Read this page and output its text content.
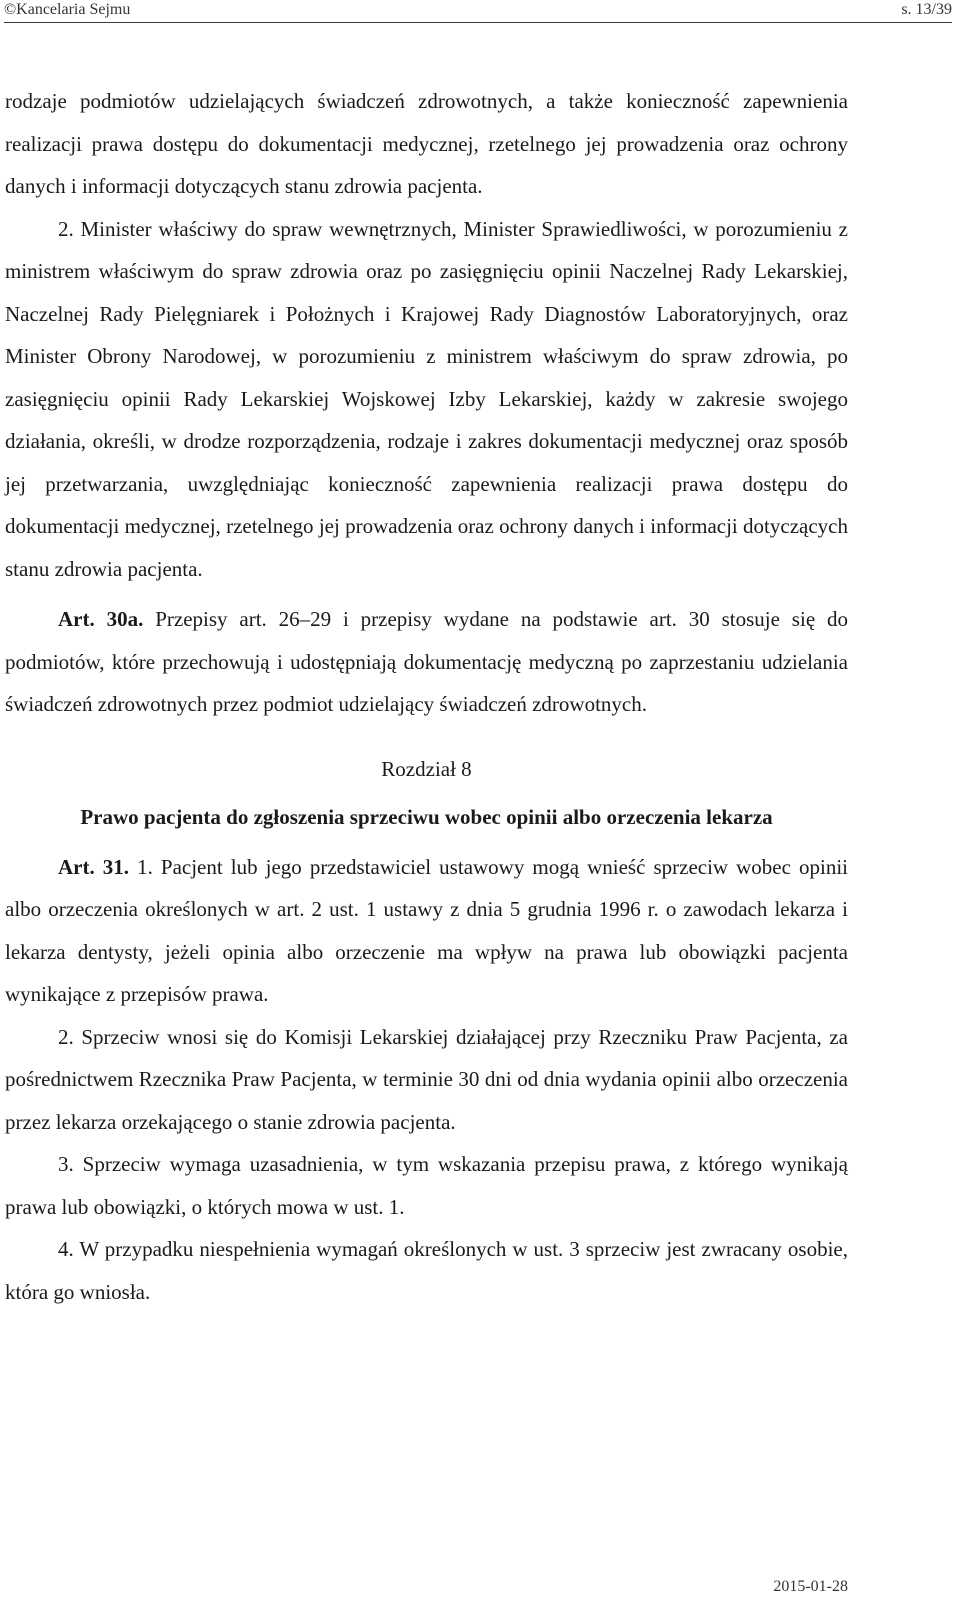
©Kancelaria Sejmu	s. 13/39

rodzaje podmiotów udzielających świadczeń zdrowotnych, a także konieczność zapewnienia realizacji prawa dostępu do dokumentacji medycznej, rzetelnego jej prowadzenia oraz ochrony danych i informacji dotyczących stanu zdrowia pacjenta.

2. Minister właściwy do spraw wewnętrznych, Minister Sprawiedliwości, w porozumieniu z ministrem właściwym do spraw zdrowia oraz po zasięgnięciu opinii Naczelnej Rady Lekarskiej, Naczelnej Rady Pielęgniarek i Położnych i Krajowej Rady Diagnostów Laboratoryjnych, oraz Minister Obrony Narodowej, w porozumieniu z ministrem właściwym do spraw zdrowia, po zasięgnięciu opinii Rady Lekarskiej Wojskowej Izby Lekarskiej, każdy w zakresie swojego działania, określi, w drodze rozporządzenia, rodzaje i zakres dokumentacji medycznej oraz sposób jej przetwarzania, uwzględniając konieczność zapewnienia realizacji prawa dostępu do dokumentacji medycznej, rzetelnego jej prowadzenia oraz ochrony danych i informacji dotyczących stanu zdrowia pacjenta.

Art. 30a. Przepisy art. 26–29 i przepisy wydane na podstawie art. 30 stosuje się do podmiotów, które przechowują i udostępniają dokumentację medyczną po zaprzestaniu udzielania świadczeń zdrowotnych przez podmiot udzielający świadczeń zdrowotnych.

Rozdział 8
Prawo pacjenta do zgłoszenia sprzeciwu wobec opinii albo orzeczenia lekarza

Art. 31. 1. Pacjent lub jego przedstawiciel ustawowy mogą wnieść sprzeciw wobec opinii albo orzeczenia określonych w art. 2 ust. 1 ustawy z dnia 5 grudnia 1996 r. o zawodach lekarza i lekarza dentysty, jeżeli opinia albo orzeczenie ma wpływ na prawa lub obowiązki pacjenta wynikające z przepisów prawa.

2. Sprzeciw wnosi się do Komisji Lekarskiej działającej przy Rzeczniku Praw Pacjenta, za pośrednictwem Rzecznika Praw Pacjenta, w terminie 30 dni od dnia wydania opinii albo orzeczenia przez lekarza orzekającego o stanie zdrowia pacjenta.

3. Sprzeciw wymaga uzasadnienia, w tym wskazania przepisu prawa, z którego wynikają prawa lub obowiązki, o których mowa w ust. 1.

4. W przypadku niespełnienia wymagań określonych w ust. 3 sprzeciw jest zwracany osobie, która go wniosła.

2015-01-28
